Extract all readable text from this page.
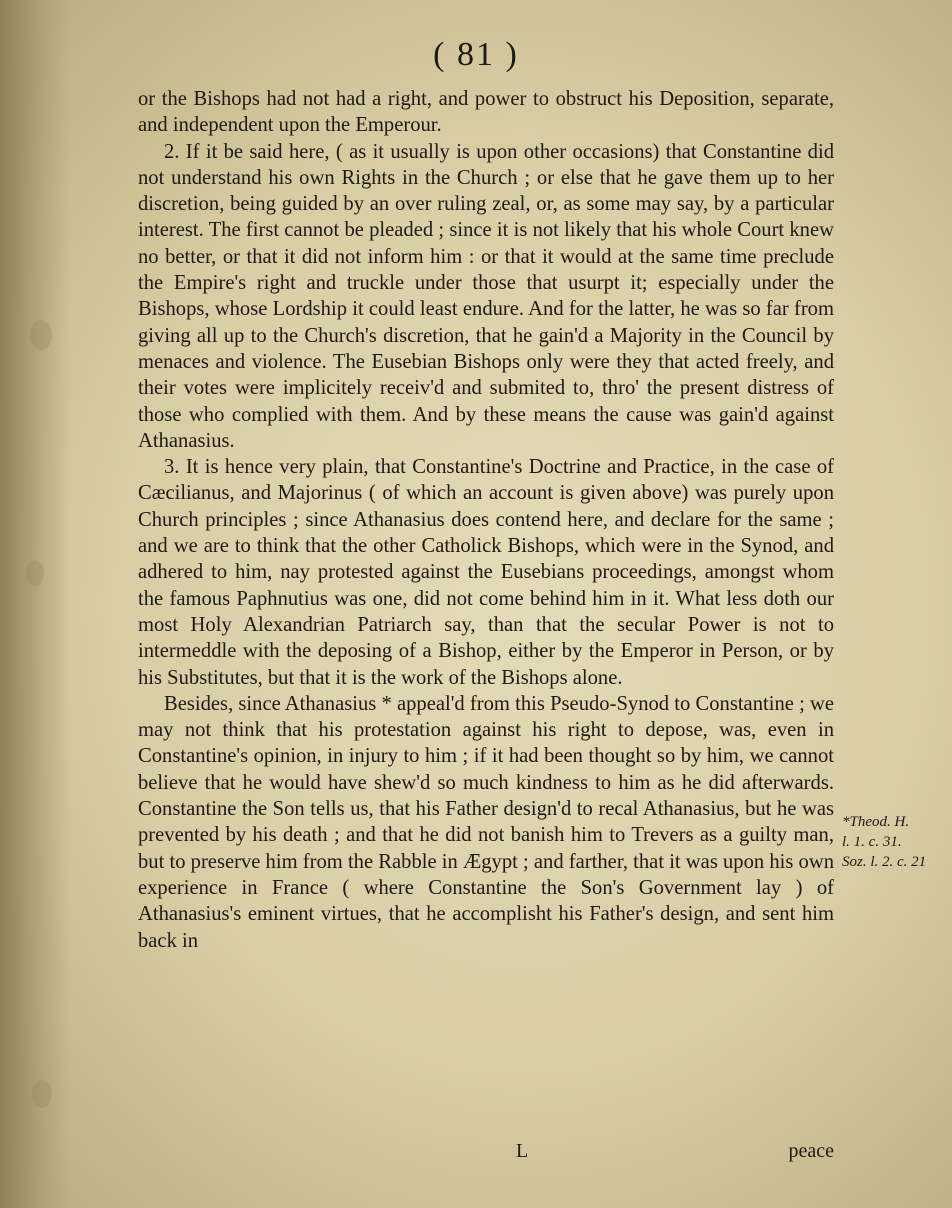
( 81 )

or the Bishops had not had a right, and power to obstruct his Deposition, separate, and independent upon the Emperour.

2. If it be said here, ( as it usually is upon other occasions) that Constantine did not understand his own Rights in the Church ; or else that he gave them up to her discretion, being guided by an over ruling zeal, or, as some may say, by a particular interest. The first cannot be pleaded ; since it is not likely that his whole Court knew no better, or that it did not inform him : or that it would at the same time preclude the Empire's right and truckle under those that usurpt it; especially under the Bishops, whose Lordship it could least endure. And for the latter, he was so far from giving all up to the Church's discretion, that he gain'd a Majority in the Council by menaces and violence. The Eusebian Bishops only were they that acted freely, and their votes were implicitely receiv'd and submited to, thro' the present distress of those who complied with them. And by these means the cause was gain'd against Athanasius.

3. It is hence very plain, that Constantine's Doctrine and Practice, in the case of Cæcilianus, and Majorinus ( of which an account is given above) was purely upon Church principles ; since Athanasius does contend here, and declare for the same ; and we are to think that the other Catholick Bishops, which were in the Synod, and adhered to him, nay protested against the Eusebians proceedings, amongst whom the famous Paphnutius was one, did not come behind him in it. What less doth our most Holy Alexandrian Patriarch say, than that the secular Power is not to intermeddle with the deposing of a Bishop, either by the Emperor in Person, or by his Substitutes, but that it is the work of the Bishops alone.

Besides, since Athanasius * appeal'd from this Pseudo-Synod to Constantine ; we may not think that his protestation against his right to depose, was, even in Constantine's opinion, in injury to him ; if it had been thought so by him, we cannot believe that he would have shew'd so much kindness to him as he did afterwards. Constantine the Son tells us, that his Father design'd to recal Athanasius, but he was prevented by his death ; and that he did not banish him to Trevers as a guilty man, but to preserve him from the Rabble in Ægypt ; and farther, that it was upon his own experience in France ( where Constantine the Son's Government lay ) of Athanasius's eminent virtues, that he accomplisht his Father's design, and sent him back in

*Theod. H.
l. 1. c. 31.
Soz. l. 2. c. 21
L	peace
